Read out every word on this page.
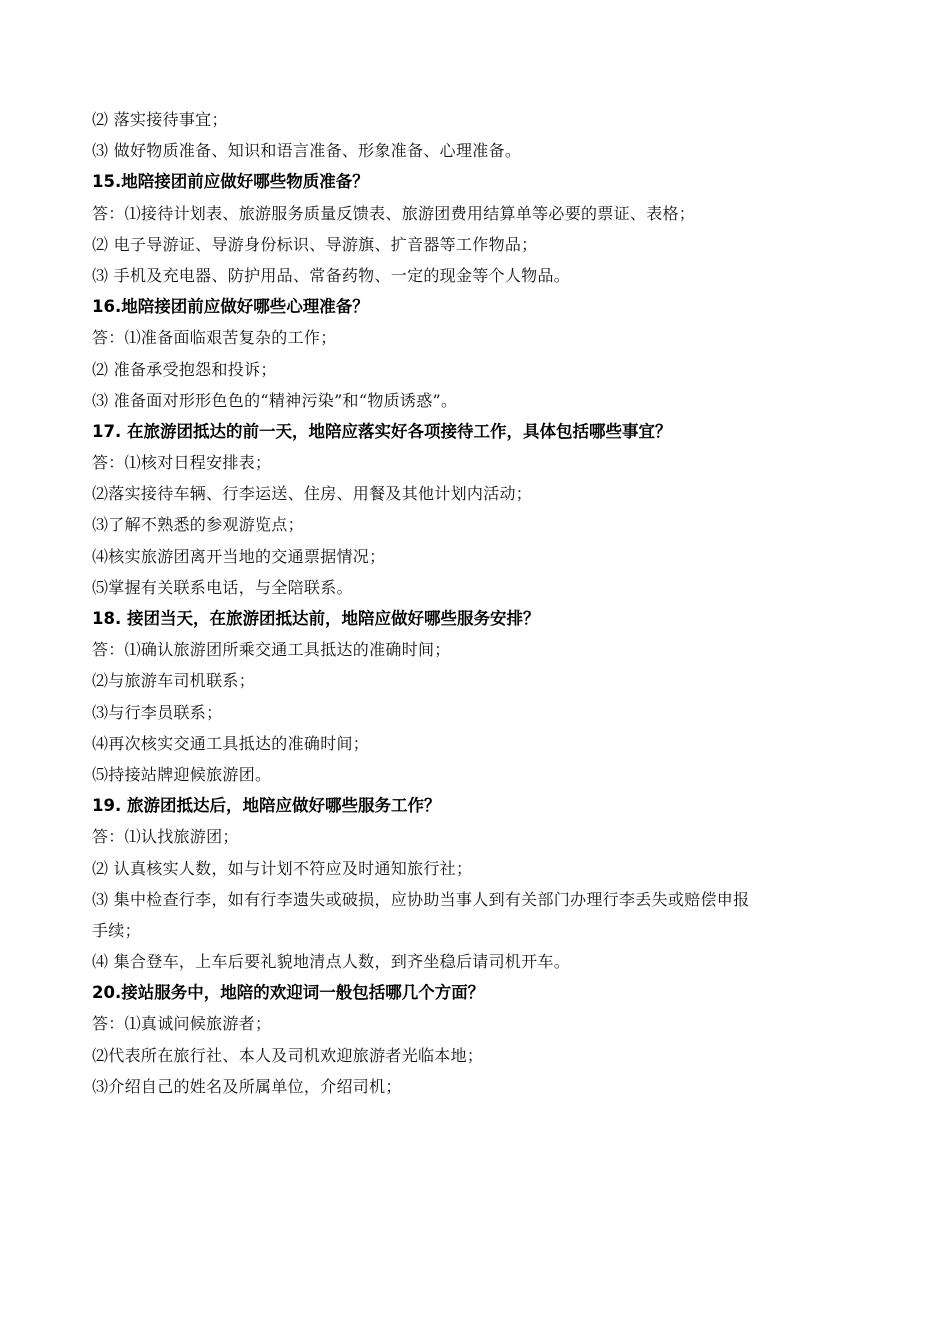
⑵ 落实接待事宜；
⑶ 做好物质准备、知识和语言准备、形象准备、心理准备。
15.地陪接团前应做好哪些物质准备？
答：⑴接待计划表、旅游服务质量反馈表、旅游团费用结算单等必要的票证、表格；
⑵ 电子导游证、导游身份标识、导游旗、扩音器等工作物品；
⑶ 手机及充电器、防护用品、常备药物、一定的现金等个人物品。
16.地陪接团前应做好哪些心理准备？
答：⑴准备面临艰苦复杂的工作；
⑵ 准备承受抱怨和投诉；
⑶ 准备面对形形色色的“精神污染”和“物质诱惑”。
17. 在旅游团抵达的前一天，地陪应落实好各项接待工作，具体包括哪些事宜？
答：⑴核对日程安排表；
⑵落实接待车辆、行李运送、住房、用餐及其他计划内活动；
⑶了解不熟悉的参观游览点；
⑷核实旅游团离开当地的交通票据情况；
⑸掌握有关联系电话，与全陪联系。
18. 接团当天，在旅游团抵达前，地陪应做好哪些服务安排？
答：⑴确认旅游团所乘交通工具抵达的准确时间；
⑵与旅游车司机联系；
⑶与行李员联系；
⑷再次核实交通工具抵达的准确时间；
⑸持接站牌迎候旅游团。
19. 旅游团抵达后，地陪应做好哪些服务工作？
答：⑴认找旅游团；
⑵ 认真核实人数，如与计划不符应及时通知旅行社；
⑶ 集中检查行李，如有行李遗失或破损，应协助当事人到有关部门办理行李丢失或赔偿申报
手续；
⑷ 集合登车，上车后要礼貌地清点人数，到齐坐稳后请司机开车。
20.接站服务中，地陪的欢迎词一般包括哪几个方面？
答：⑴真诚问候旅游者；
⑵代表所在旅行社、本人及司机欢迎旅游者光临本地；
⑶介绍自己的姓名及所属单位，介绍司机；
